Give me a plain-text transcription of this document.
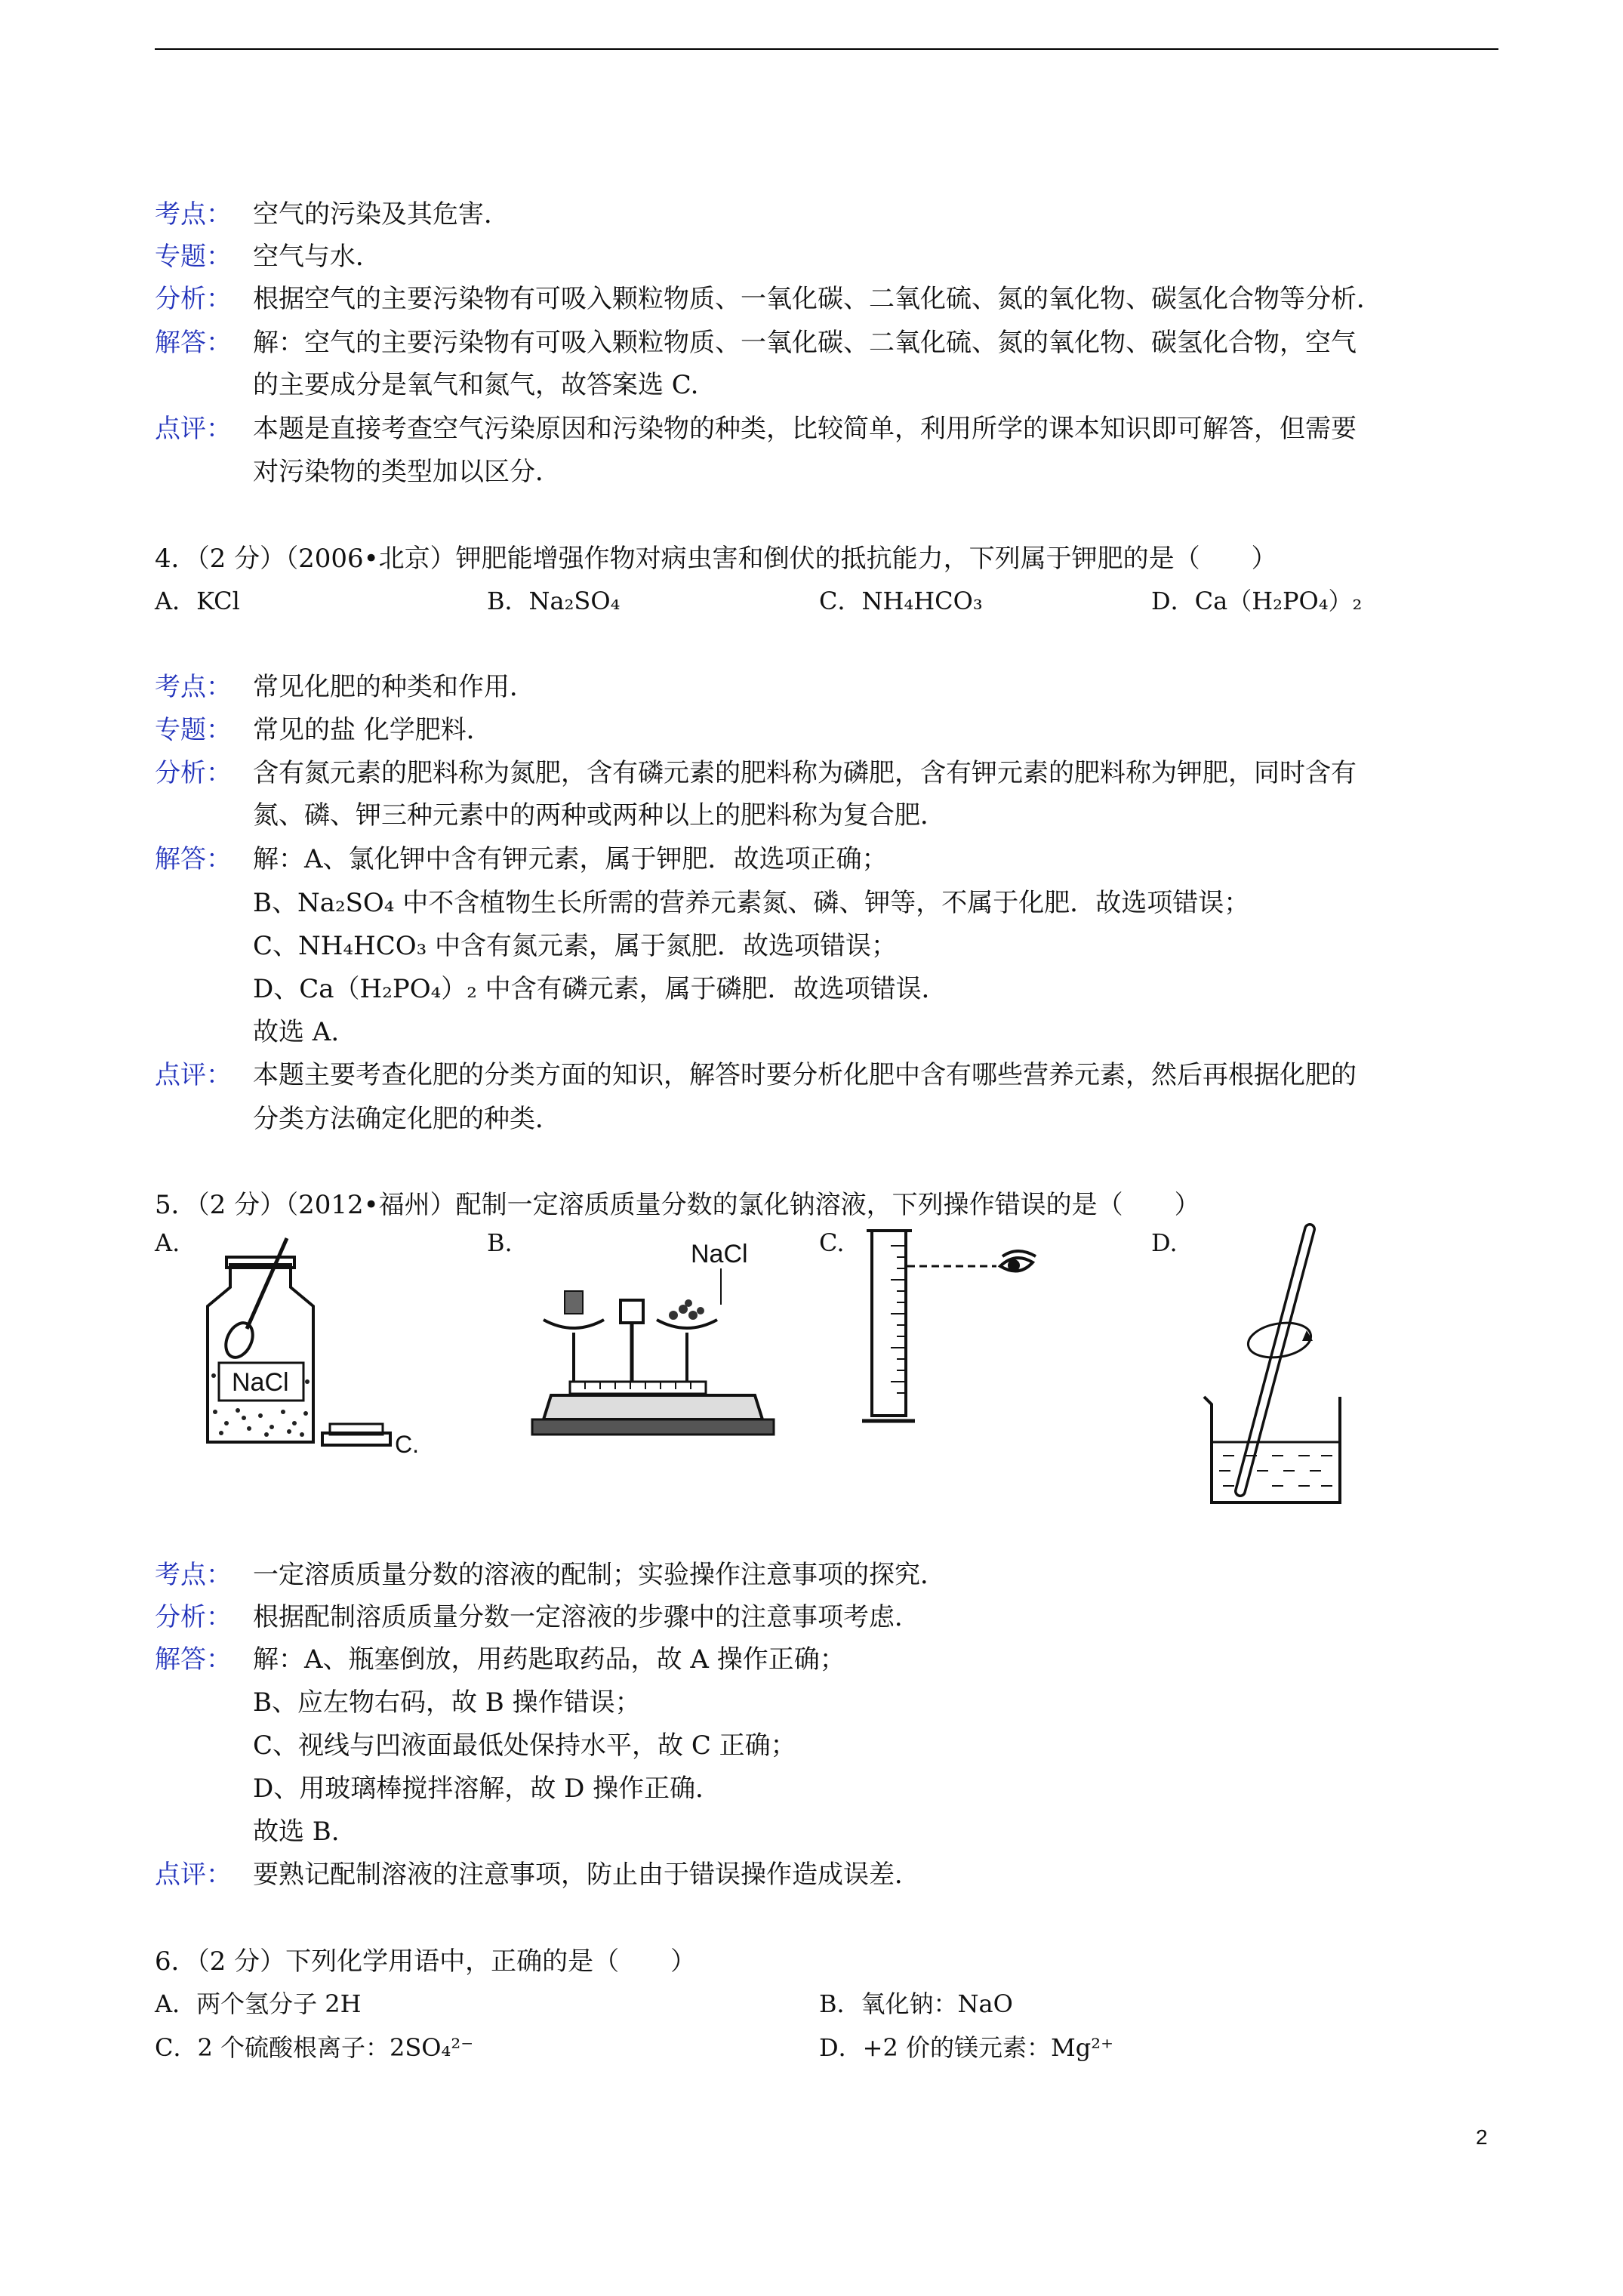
考点： 空气的污染及其危害．
专题： 空气与水．
分析： 根据空气的主要污染物有可吸入颗粒物质、一氧化碳、二氧化硫、氮的氧化物、碳氢化合物等分析．
解答： 解：空气的主要污染物有可吸入颗粒物质、一氧化碳、二氧化硫、氮的氧化物、碳氢化合物，空气
的主要成分是氧气和氮气，故答案选 C.
点评： 本题是直接考查空气污染原因和污染物的种类，比较简单，利用所学的课本知识即可解答，但需要
对污染物的类型加以区分．
4．（2 分）（2006•北京）钾肥能增强作物对病虫害和倒伏的抵抗能力，下列属于钾肥的是（　　）
A．KCl	B．Na₂SO₄	C．NH₄HCO₃	D．Ca（H₂PO₄）₂
考点： 常见化肥的种类和作用．
专题： 常见的盐 化学肥料．
分析： 含有氮元素的肥料称为氮肥，含有磷元素的肥料称为磷肥，含有钾元素的肥料称为钾肥，同时含有
氮、磷、钾三种元素中的两种或两种以上的肥料称为复合肥．
解答： 解：A、氯化钾中含有钾元素，属于钾肥．故选项正确；
B、Na₂SO₄ 中不含植物生长所需的营养元素氮、磷、钾等，不属于化肥．故选项错误；
C、NH₄HCO₃ 中含有氮元素，属于氮肥．故选项错误；
D、Ca（H₂PO₄）₂ 中含有磷元素，属于磷肥．故选项错误．
故选 A.
点评： 本题主要考查化肥的分类方面的知识，解答时要分析化肥中含有哪些营养元素，然后再根据化肥的
分类方法确定化肥的种类．
5．（2 分）（2012•福州）配制一定溶质质量分数的氯化钠溶液，下列操作错误的是（　　）
A.	B.	C.	D.
NaCl
C.
NaCl
考点： 一定溶质质量分数的溶液的配制；实验操作注意事项的探究．
分析： 根据配制溶质质量分数一定溶液的步骤中的注意事项考虑．
解答： 解：A、瓶塞倒放，用药匙取药品，故 A 操作正确；
B、应左物右码，故 B 操作错误；
C、视线与凹液面最低处保持水平，故 C 正确；
D、用玻璃棒搅拌溶解，故 D 操作正确．
故选 B.
点评： 要熟记配制溶液的注意事项，防止由于错误操作造成误差．
6．（2 分）下列化学用语中，正确的是（　　）
A．两个氢分子 2H	B．氧化钠：NaO
C．2 个硫酸根离子：2SO₄²⁻	D．+2 价的镁元素：Mg²⁺
2
